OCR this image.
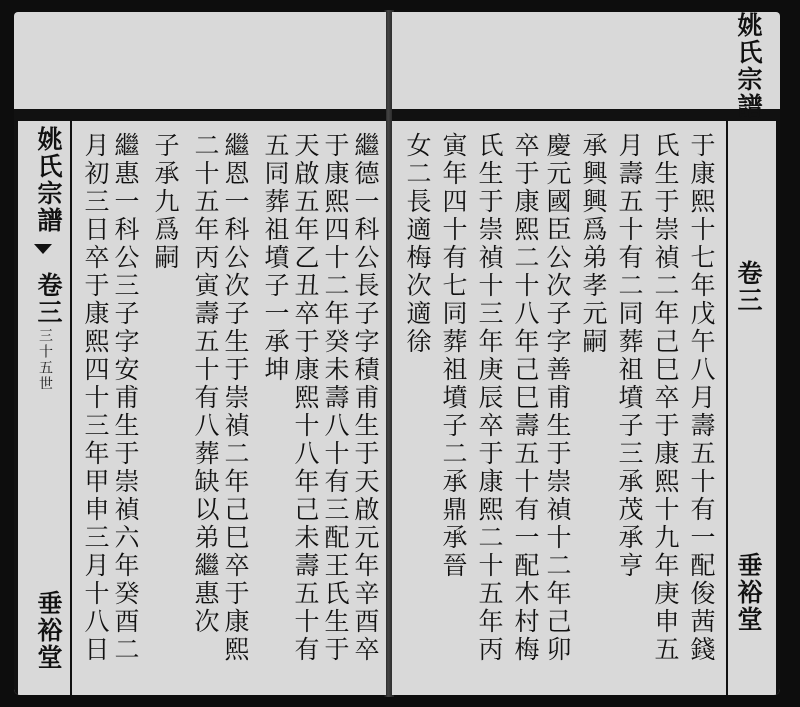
姚氏宗譜
卷三
三十五世
垂裕堂 月初三日卒于康熙四十三年甲申三月十八日 繼惠一科公三子字安甫生于崇禎六年癸酉二 子承九爲嗣 二十五年丙寅壽五十有八葬缺以弟繼惠次 繼恩一科公次子生于崇禎二年己巳卒于康熙 五同葬祖墳子一承坤 天啟五年乙丑卒于康熙十八年己未壽五十有 于康熙四十二年癸未壽八十有三配王氏生于 繼德一科公長子字積甫生于天啟元年辛酉卒
姚氏宗譜
卷三
垂裕堂
女二長適梅次適徐 寅年四十有七同葬祖墳子二承鼎承晉 氏生于崇禎十三年庚辰卒于康熙二十五年丙 卒于康熙二十八年己巳壽五十有一配木村梅 慶元國臣公次子字善甫生于崇禎十二年己卯 承興興爲弟孝元嗣 月壽五十有二同葬祖墳子三承茂承亨 氏生于崇禎二年己巳卒于康熙十九年庚申五 于康熙十七年戊午八月壽五十有一配俊茜錢
